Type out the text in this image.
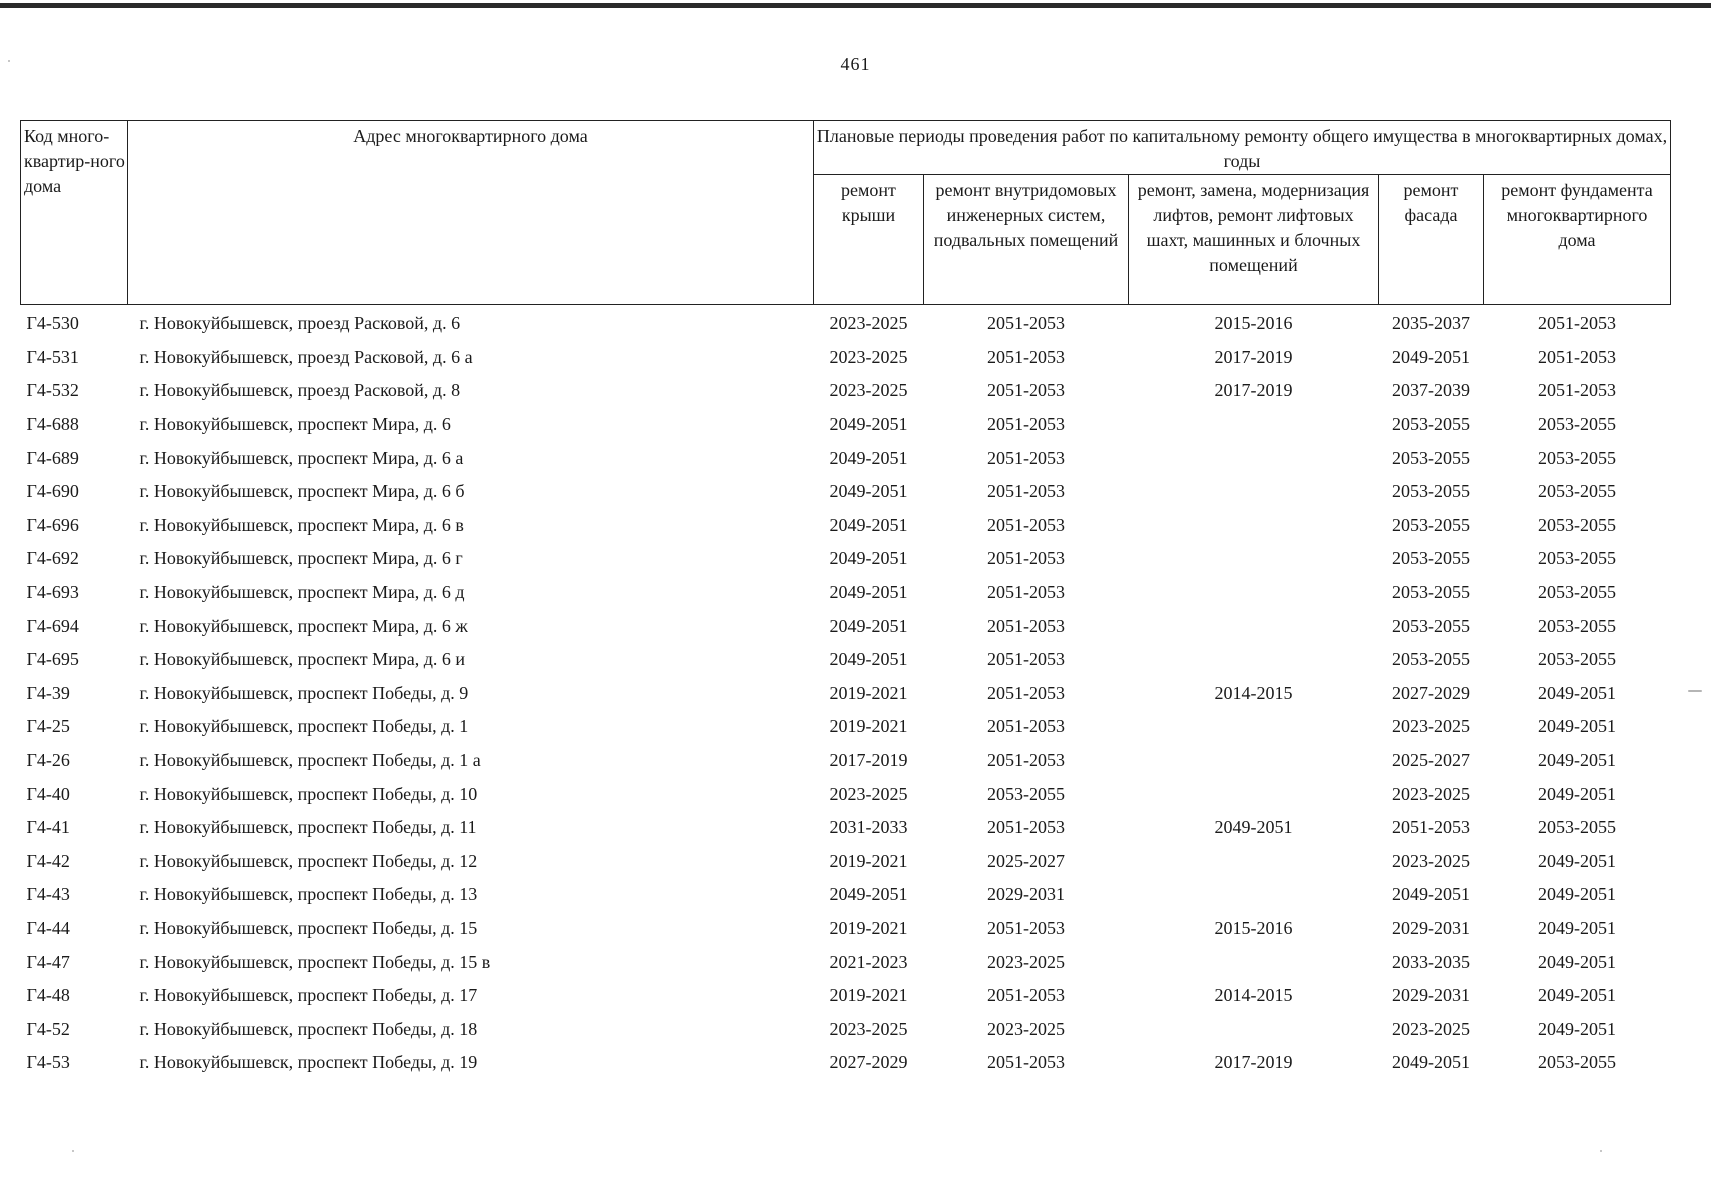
461
Код много-квартир-ного дома	Адрес многоквартирного дома	Плановые периоды проведения работ по капитальному ремонту общего имущества в многоквартирных домах, годы				
		ремонт крыши	ремонт внутридомовых инженерных систем, подвальных помещений	ремонт, замена, модернизация лифтов, ремонт лифтовых шахт, машинных и блочных помещений	ремонт фасада	ремонт фундамента многоквартирного дома
Г4-530	г. Новокуйбышевск, проезд Расковой, д. 6	2023-2025	2051-2053	2015-2016	2035-2037	2051-2053
Г4-531	г. Новокуйбышевск, проезд Расковой, д. 6 а	2023-2025	2051-2053	2017-2019	2049-2051	2051-2053
Г4-532	г. Новокуйбышевск, проезд Расковой, д. 8	2023-2025	2051-2053	2017-2019	2037-2039	2051-2053
Г4-688	г. Новокуйбышевск, проспект Мира, д. 6	2049-2051	2051-2053		2053-2055	2053-2055
Г4-689	г. Новокуйбышевск, проспект Мира, д. 6 а	2049-2051	2051-2053		2053-2055	2053-2055
Г4-690	г. Новокуйбышевск, проспект Мира, д. 6 б	2049-2051	2051-2053		2053-2055	2053-2055
Г4-696	г. Новокуйбышевск, проспект Мира, д. 6 в	2049-2051	2051-2053		2053-2055	2053-2055
Г4-692	г. Новокуйбышевск, проспект Мира, д. 6 г	2049-2051	2051-2053		2053-2055	2053-2055
Г4-693	г. Новокуйбышевск, проспект Мира, д. 6 д	2049-2051	2051-2053		2053-2055	2053-2055
Г4-694	г. Новокуйбышевск, проспект Мира, д. 6 ж	2049-2051	2051-2053		2053-2055	2053-2055
Г4-695	г. Новокуйбышевск, проспект Мира, д. 6 и	2049-2051	2051-2053		2053-2055	2053-2055
Г4-39	г. Новокуйбышевск, проспект Победы, д. 9	2019-2021	2051-2053	2014-2015	2027-2029	2049-2051
Г4-25	г. Новокуйбышевск, проспект Победы, д. 1	2019-2021	2051-2053		2023-2025	2049-2051
Г4-26	г. Новокуйбышевск, проспект Победы, д. 1 а	2017-2019	2051-2053		2025-2027	2049-2051
Г4-40	г. Новокуйбышевск, проспект Победы, д. 10	2023-2025	2053-2055		2023-2025	2049-2051
Г4-41	г. Новокуйбышевск, проспект Победы, д. 11	2031-2033	2051-2053	2049-2051	2051-2053	2053-2055
Г4-42	г. Новокуйбышевск, проспект Победы, д. 12	2019-2021	2025-2027		2023-2025	2049-2051
Г4-43	г. Новокуйбышевск, проспект Победы, д. 13	2049-2051	2029-2031		2049-2051	2049-2051
Г4-44	г. Новокуйбышевск, проспект Победы, д. 15	2019-2021	2051-2053	2015-2016	2029-2031	2049-2051
Г4-47	г. Новокуйбышевск, проспект Победы, д. 15 в	2021-2023	2023-2025		2033-2035	2049-2051
Г4-48	г. Новокуйбышевск, проспект Победы, д. 17	2019-2021	2051-2053	2014-2015	2029-2031	2049-2051
Г4-52	г. Новокуйбышевск, проспект Победы, д. 18	2023-2025	2023-2025		2023-2025	2049-2051
Г4-53	г. Новокуйбышевск, проспект Победы, д. 19	2027-2029	2051-2053	2017-2019	2049-2051	2053-2055
